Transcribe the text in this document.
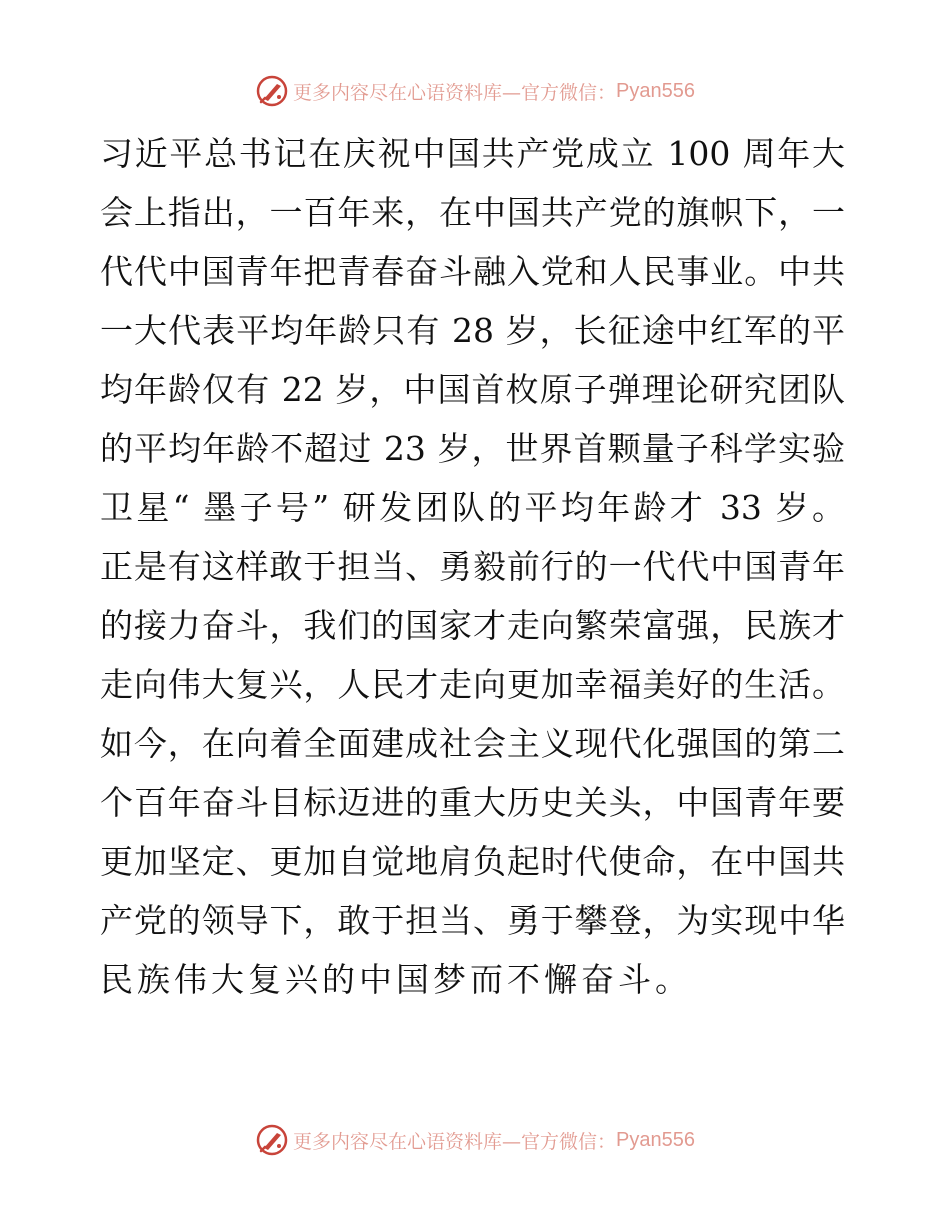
更多内容尽在心语资料库—官方微信： Pyan556
习近平总书记在庆祝中国共产党成立 100 周年大
会上指出，一百年来，在中国共产党的旗帜下，一
代代中国青年把青春奋斗融入党和人民事业。中共
一大代表平均年龄只有 28 岁，长征途中红军的平
均年龄仅有 22 岁，中国首枚原子弹理论研究团队
的平均年龄不超过 23 岁，世界首颗量子科学实验
卫星“ 墨子号” 研发团队的平均年龄才 33 岁。
正是有这样敢于担当、勇毅前行的一代代中国青年
的接力奋斗，我们的国家才走向繁荣富强，民族才
走向伟大复兴，人民才走向更加幸福美好的生活。
如今，在向着全面建成社会主义现代化强国的第二
个百年奋斗目标迈进的重大历史关头，中国青年要
更加坚定、更加自觉地肩负起时代使命，在中国共
产党的领导下，敢于担当、勇于攀登，为实现中华
民族伟大复兴的中国梦而不懈奋斗。
更多内容尽在心语资料库—官方微信： Pyan556
